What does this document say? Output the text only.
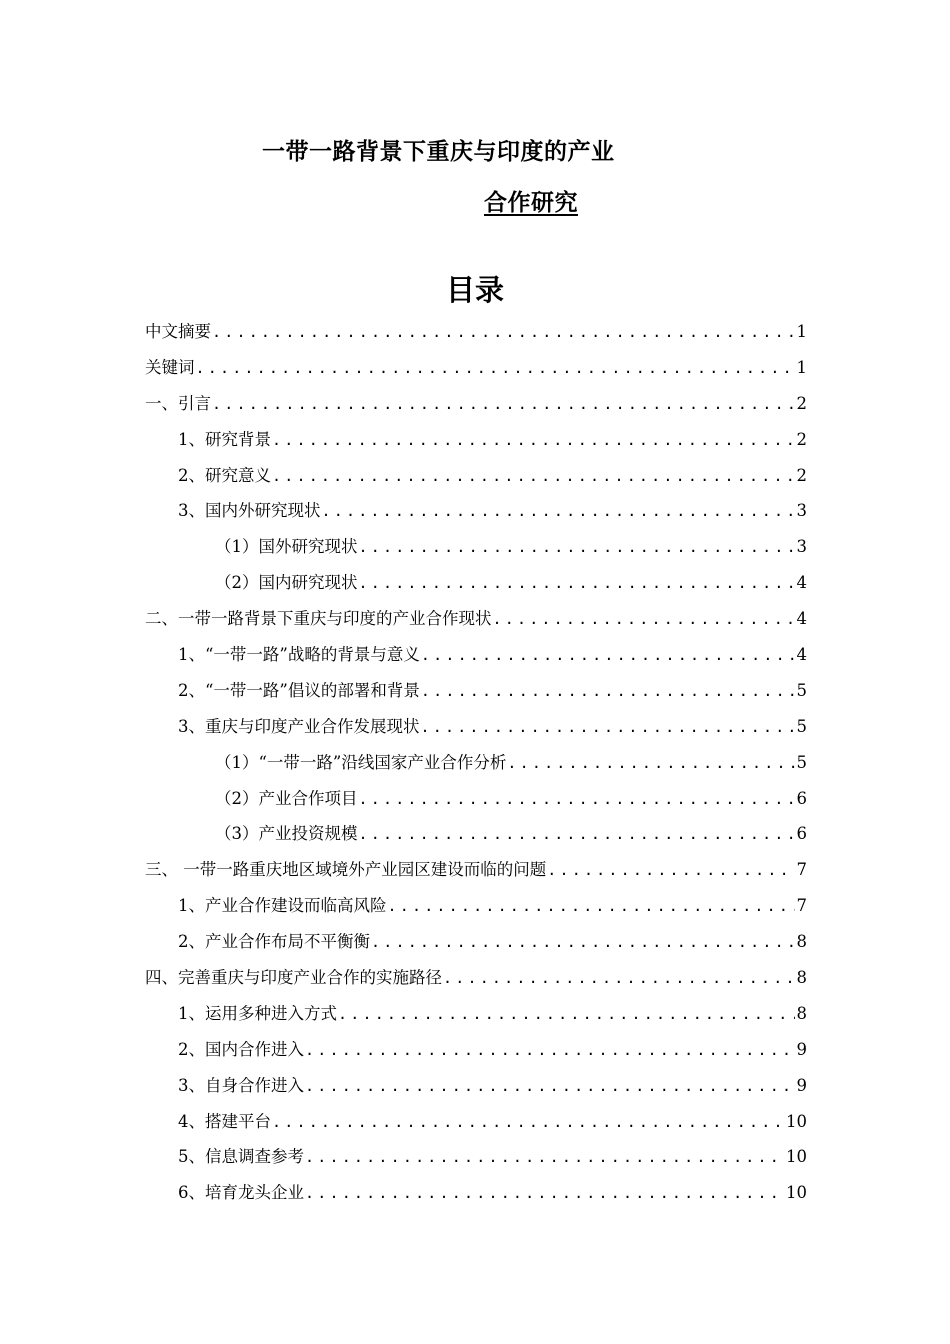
一带一路背景下重庆与印度的产业
合作研究
目录
中文摘要 .....	1
关键词 .....	1
一、引言 .....	2
1、研究背景 .....	2
2、研究意义 .....	2
3、国内外研究现状 .....	3
（1）国外研究现状 .....	3
（2）国内研究现状 .....	4
二、一带一路背景下重庆与印度的产业合作现状 .....	4
1、“一带一路”战略的背景与意义 .....	4
2、“一带一路”倡议的部署和背景 .....	5
3、重庆与印度产业合作发展现状 .....	5
（1）“一带一路”沿线国家产业合作分析 .....	5
（2）产业合作项目 .....	6
（3）产业投资规模 .....	6
三、 一带一路重庆地区域境外产业园区建设而临的问题 .....	7
1、产业合作建设而临高风险 .....	7
2、产业合作布局不平衡衡 .....	8
四、完善重庆与印度产业合作的实施路径 .....	8
1、运用多种进入方式 .....	8
2、国内合作进入 .....	9
3、自身合作进入 .....	9
4、搭建平台 .....	10
5、信息调查参考 .....	10
6、培育龙头企业 .....	10
